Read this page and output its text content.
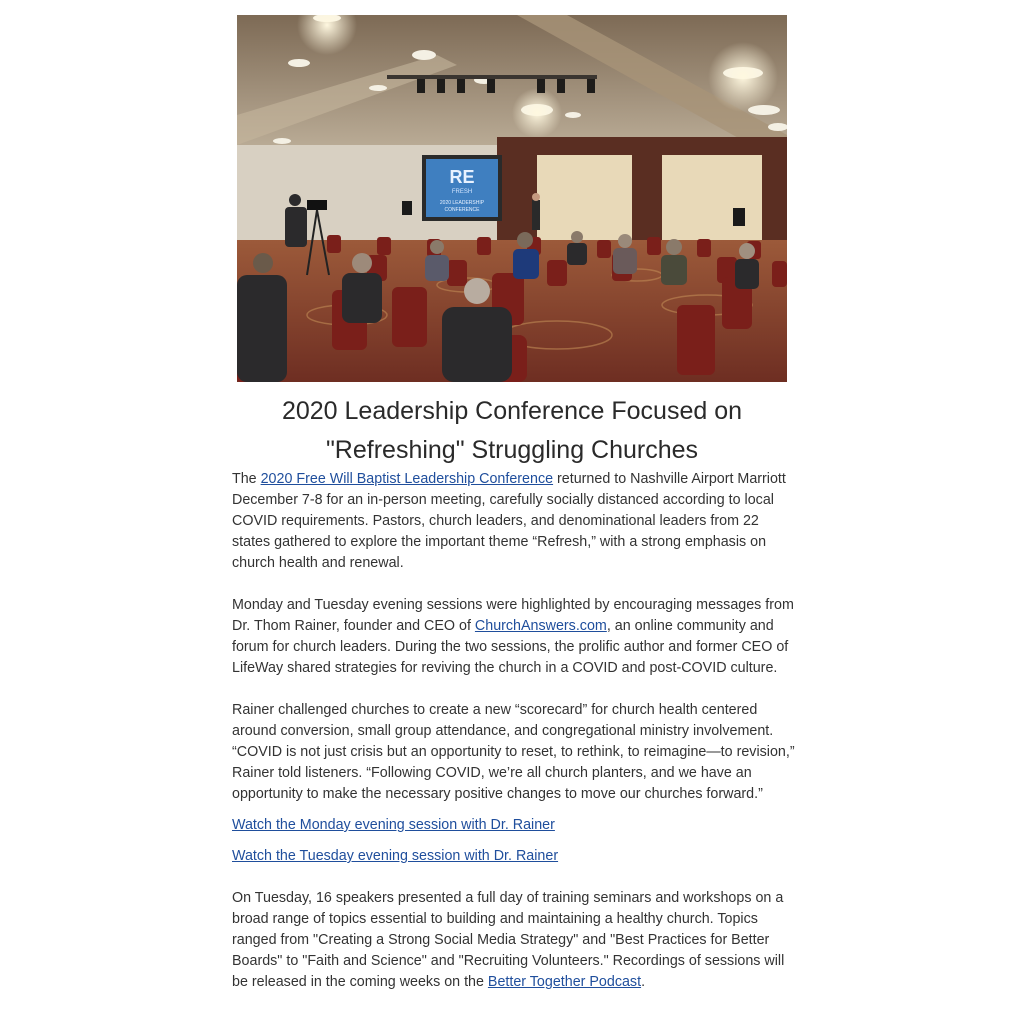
RE
FRESH
2020 LEADERSHIP
CONFERENCE
2020 Leadership Conference Focused on
"Refreshing" Struggling Churches

The 2020 Free Will Baptist Leadership Conference returned to Nashville Airport Marriott December 7-8 for an in-person meeting, carefully socially distanced according to local COVID requirements. Pastors, church leaders, and denominational leaders from 22 states gathered to explore the important theme “Refresh,” with a strong emphasis on church health and renewal.

Monday and Tuesday evening sessions were highlighted by encouraging messages from Dr. Thom Rainer, founder and CEO of ChurchAnswers.com, an online community and forum for church leaders. During the two sessions, the prolific author and former CEO of LifeWay shared strategies for reviving the church in a COVID and post-COVID culture.

Rainer challenged churches to create a new “scorecard” for church health centered around conversion, small group attendance, and congregational ministry involvement. “COVID is not just crisis but an opportunity to reset, to rethink, to reimagine—to revision,” Rainer told listeners. “Following COVID, we’re all church planters, and we have an opportunity to make the necessary positive changes to move our churches forward.”

Watch the Monday evening session with Dr. Rainer

Watch the Tuesday evening session with Dr. Rainer

On Tuesday, 16 speakers presented a full day of training seminars and workshops on a broad range of topics essential to building and maintaining a healthy church. Topics ranged from "Creating a Strong Social Media Strategy" and "Best Practices for Better Boards" to "Faith and Science" and "Recruiting Volunteers." Recordings of sessions will be released in the coming weeks on the Better Together Podcast.
